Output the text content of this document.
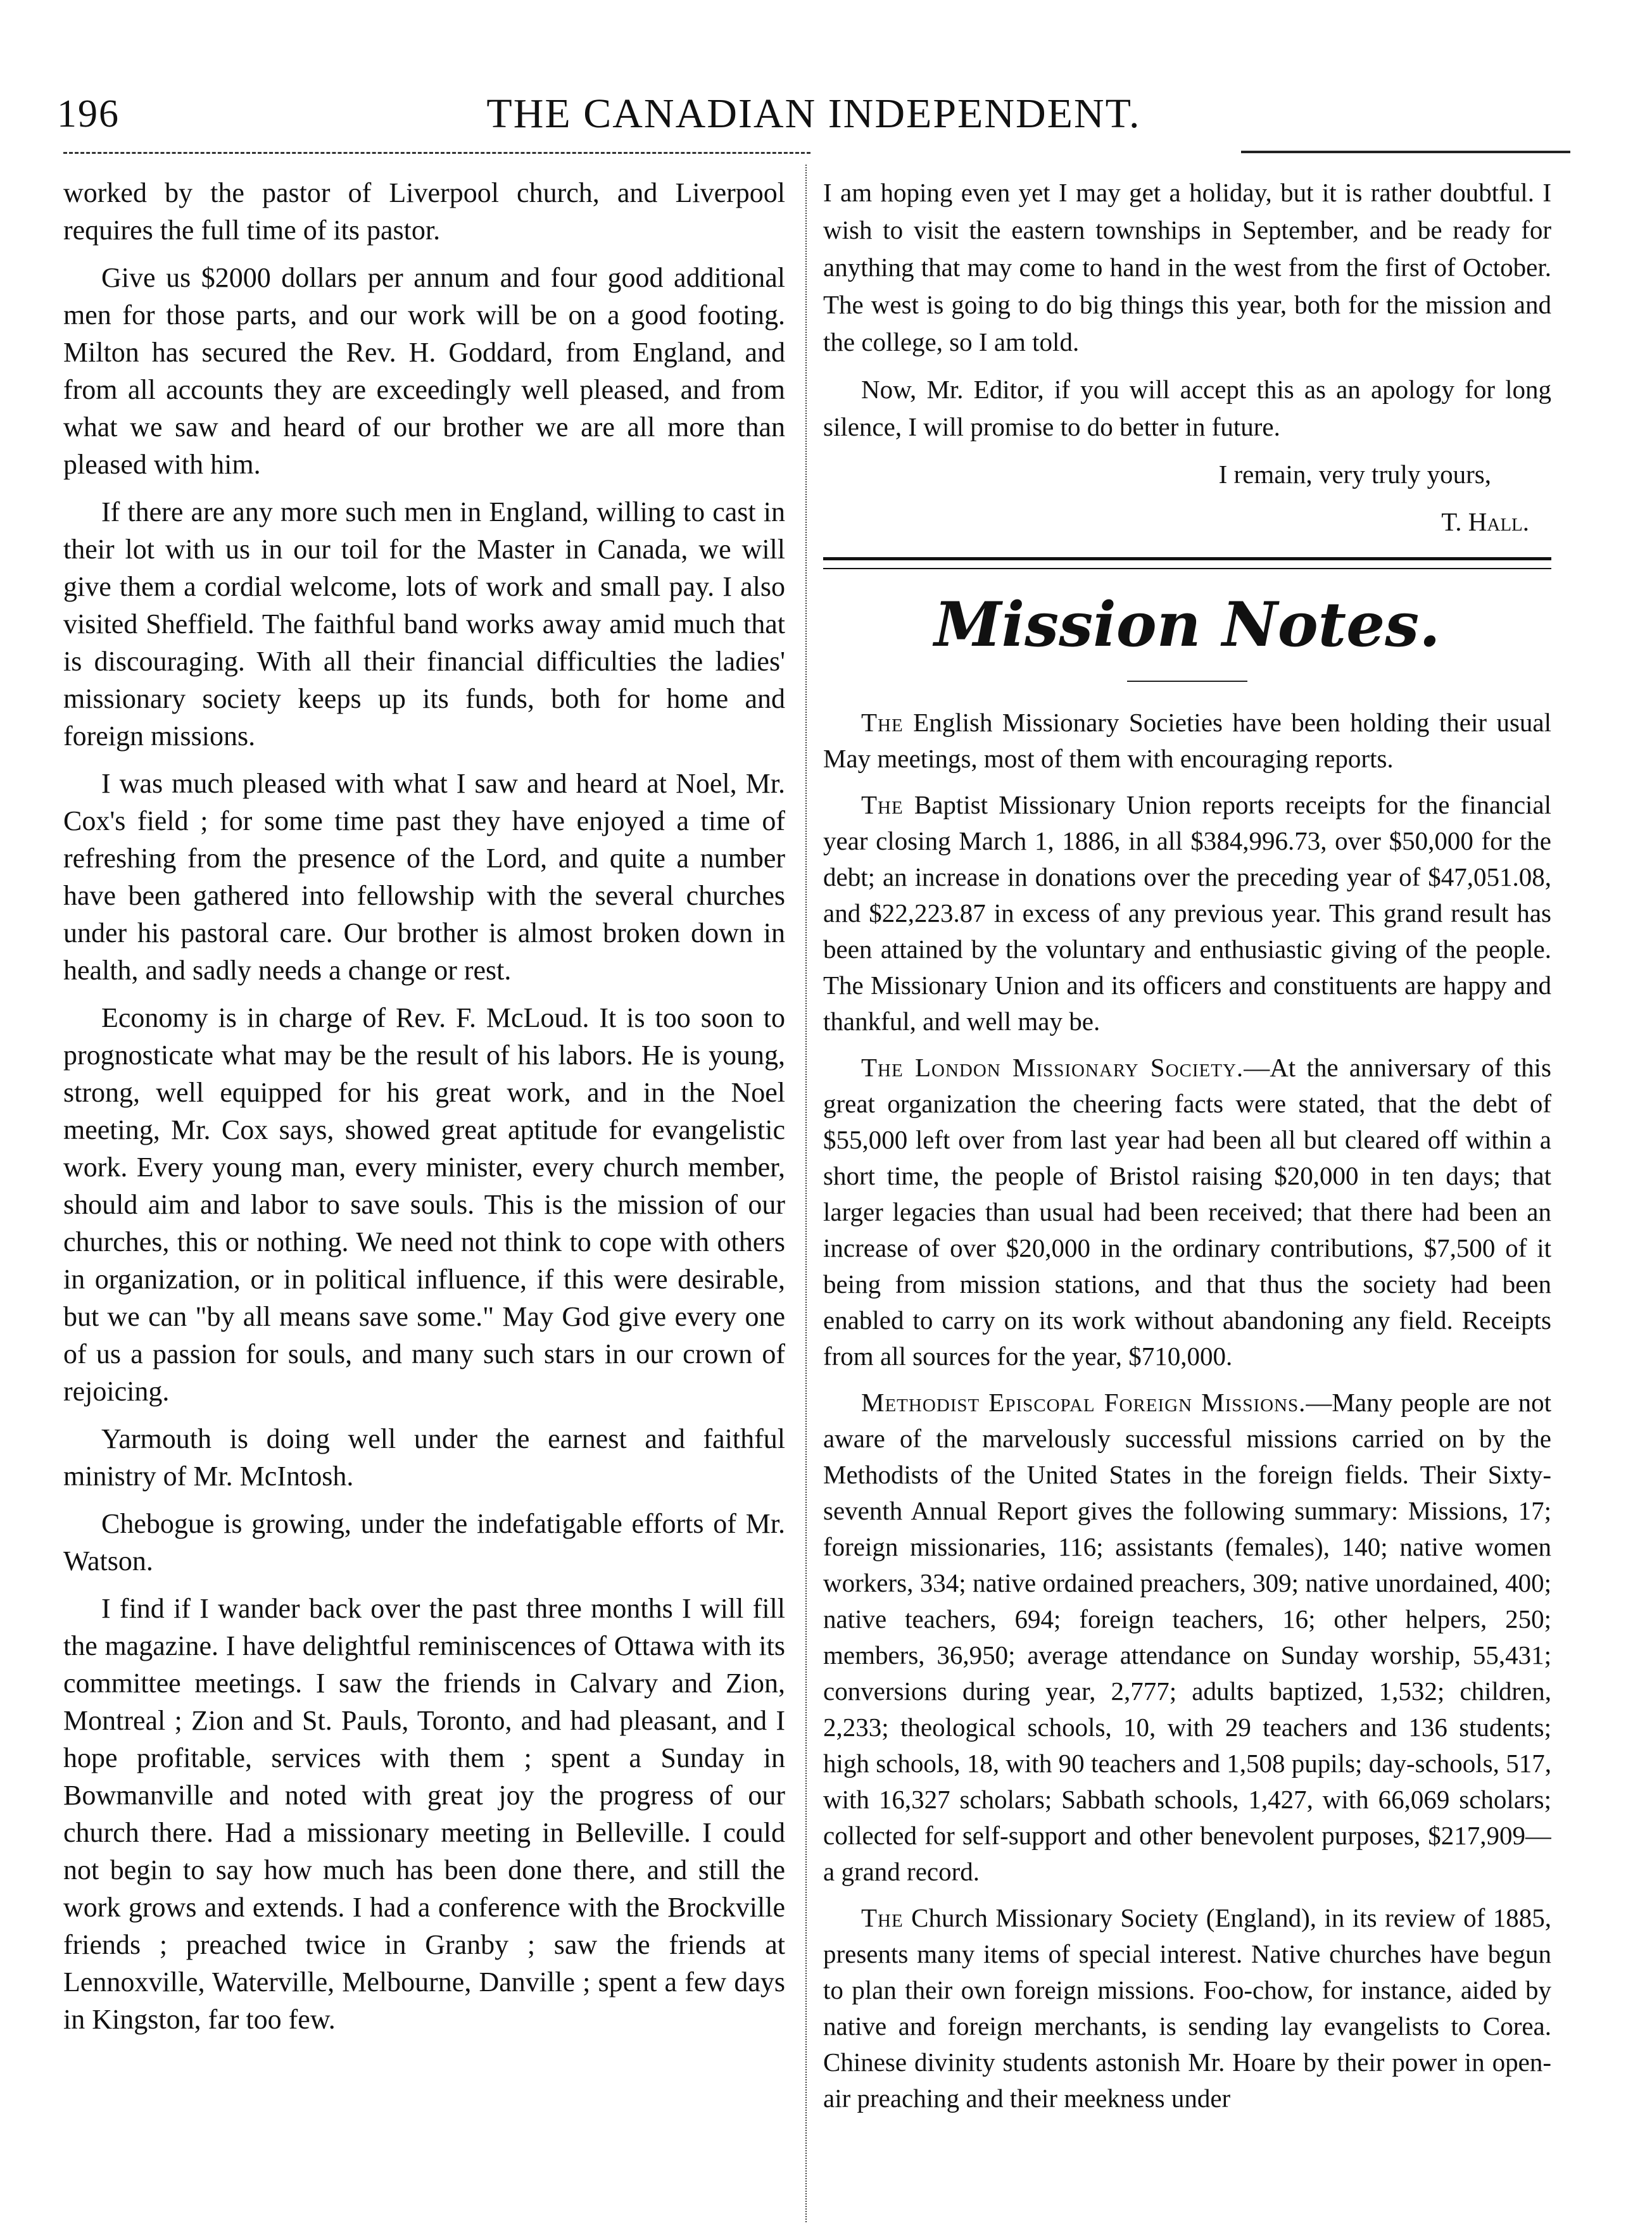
196	THE CANADIAN INDEPENDENT.

worked by the pastor of Liverpool church, and Liverpool requires the full time of its pastor.

Give us $2000 dollars per annum and four good additional men for those parts, and our work will be on a good footing. Milton has secured the Rev. H. Goddard, from England, and from all accounts they are exceedingly well pleased, and from what we saw and heard of our brother we are all more than pleased with him.

If there are any more such men in England, willing to cast in their lot with us in our toil for the Master in Canada, we will give them a cordial welcome, lots of work and small pay. I also visited Sheffield. The faithful band works away amid much that is discouraging. With all their financial difficulties the ladies' missionary society keeps up its funds, both for home and foreign missions.

I was much pleased with what I saw and heard at Noel, Mr. Cox's field ; for some time past they have enjoyed a time of refreshing from the presence of the Lord, and quite a number have been gathered into fellowship with the several churches under his pastoral care. Our brother is almost broken down in health, and sadly needs a change or rest.

Economy is in charge of Rev. F. McLoud. It is too soon to prognosticate what may be the result of his labors. He is young, strong, well equipped for his great work, and in the Noel meeting, Mr. Cox says, showed great aptitude for evangelistic work. Every young man, every minister, every church member, should aim and labor to save souls. This is the mission of our churches, this or nothing. We need not think to cope with others in organization, or in political influence, if this were desirable, but we can "by all means save some." May God give every one of us a passion for souls, and many such stars in our crown of rejoicing.

Yarmouth is doing well under the earnest and faithful ministry of Mr. McIntosh.

Chebogue is growing, under the indefatigable efforts of Mr. Watson.

I find if I wander back over the past three months I will fill the magazine. I have delightful reminiscences of Ottawa with its committee meetings. I saw the friends in Calvary and Zion, Montreal ; Zion and St. Pauls, Toronto, and had pleasant, and I hope profitable, services with them ; spent a Sunday in Bowmanville and noted with great joy the progress of our church there. Had a missionary meeting in Belleville. I could not begin to say how much has been done there, and still the work grows and extends. I had a conference with the Brockville friends ; preached twice in Granby ; saw the friends at Lennoxville, Waterville, Melbourne, Danville ; spent a few days in Kingston, far too few.

I am hoping even yet I may get a holiday, but it is rather doubtful. I wish to visit the eastern townships in September, and be ready for anything that may come to hand in the west from the first of October. The west is going to do big things this year, both for the mission and the college, so I am told.

Now, Mr. Editor, if you will accept this as an apology for long silence, I will promise to do better in future.

I remain, very truly yours,

T. Hall.

Mission Notes.

The English Missionary Societies have been holding their usual May meetings, most of them with encouraging reports.

The Baptist Missionary Union reports receipts for the financial year closing March 1, 1886, in all $384,996.73, over $50,000 for the debt; an increase in donations over the preceding year of $47,051.08, and $22,223.87 in excess of any previous year. This grand result has been attained by the voluntary and enthusiastic giving of the people. The Missionary Union and its officers and constituents are happy and thankful, and well may be.

The London Missionary Society.—At the anniversary of this great organization the cheering facts were stated, that the debt of $55,000 left over from last year had been all but cleared off within a short time, the people of Bristol raising $20,000 in ten days; that larger legacies than usual had been received; that there had been an increase of over $20,000 in the ordinary contributions, $7,500 of it being from mission stations, and that thus the society had been enabled to carry on its work without abandoning any field. Receipts from all sources for the year, $710,000.

Methodist Episcopal Foreign Missions.—Many people are not aware of the marvelously successful missions carried on by the Methodists of the United States in the foreign fields. Their Sixty-seventh Annual Report gives the following summary: Missions, 17; foreign missionaries, 116; assistants (females), 140; native women workers, 334; native ordained preachers, 309; native unordained, 400; native teachers, 694; foreign teachers, 16; other helpers, 250; members, 36,950; average attendance on Sunday worship, 55,431; conversions during year, 2,777; adults baptized, 1,532; children, 2,233; theological schools, 10, with 29 teachers and 136 students; high schools, 18, with 90 teachers and 1,508 pupils; day-schools, 517, with 16,327 scholars; Sabbath schools, 1,427, with 66,069 scholars; collected for self-support and other benevolent purposes, $217,909—a grand record.

The Church Missionary Society (England), in its review of 1885, presents many items of special interest. Native churches have begun to plan their own foreign missions. Foo-chow, for instance, aided by native and foreign merchants, is sending lay evangelists to Corea. Chinese divinity students astonish Mr. Hoare by their power in open-air preaching and their meekness under
